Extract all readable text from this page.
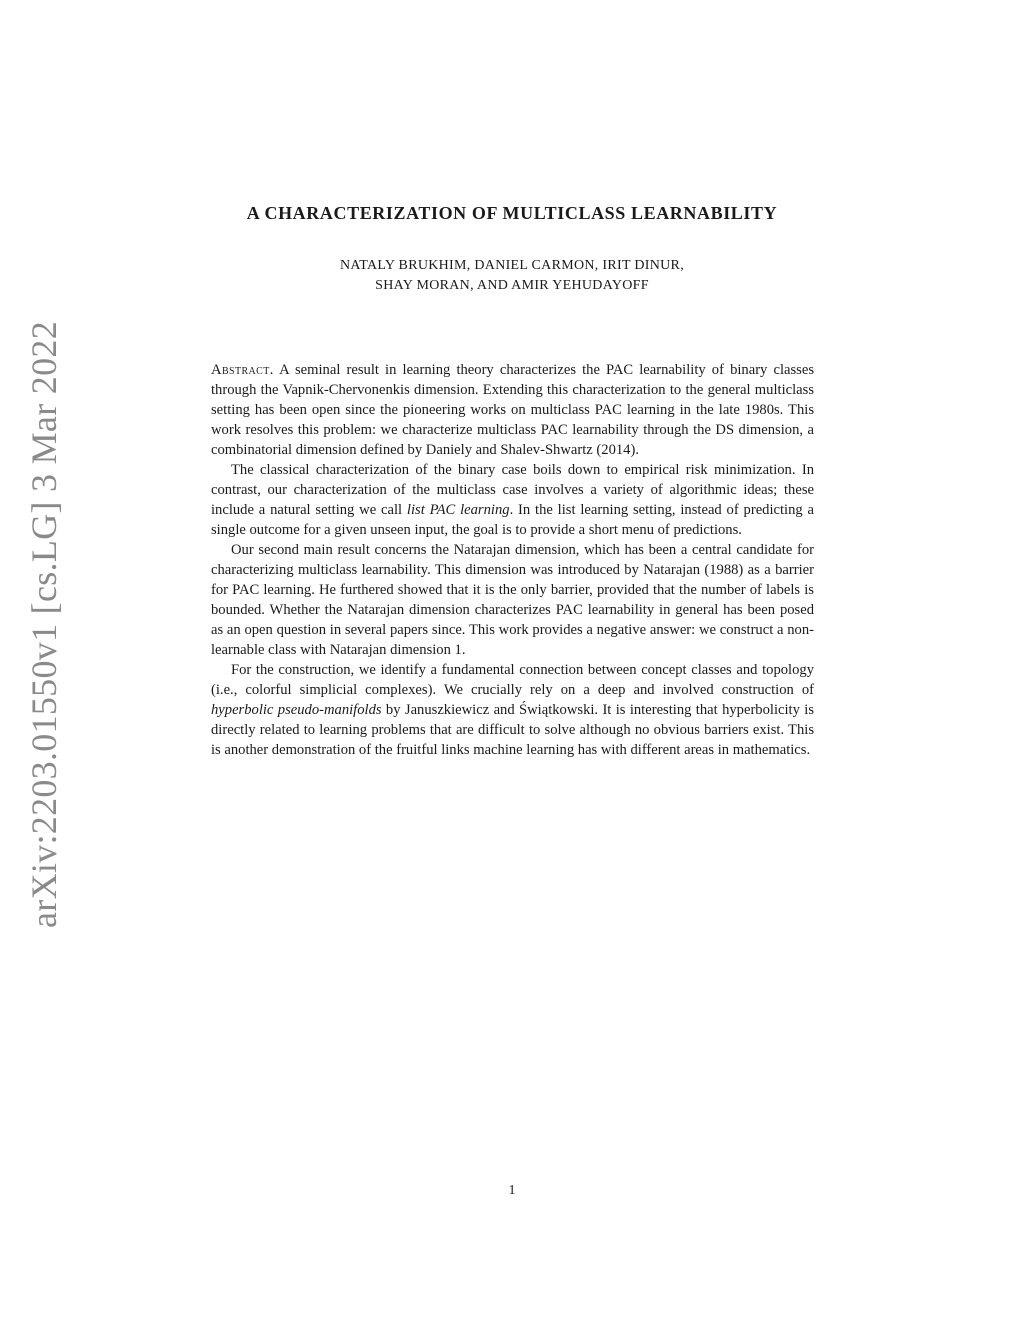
arXiv:2203.01550v1 [cs.LG] 3 Mar 2022
A CHARACTERIZATION OF MULTICLASS LEARNABILITY
NATALY BRUKHIM, DANIEL CARMON, IRIT DINUR,
SHAY MORAN, AND AMIR YEHUDAYOFF

Abstract. A seminal result in learning theory characterizes the PAC learnability of binary classes through the Vapnik-Chervonenkis dimension. Extending this characterization to the general multiclass setting has been open since the pioneering works on multiclass PAC learning in the late 1980s. This work resolves this problem: we characterize multiclass PAC learnability through the DS dimension, a combinatorial dimension defined by Daniely and Shalev-Shwartz (2014).

The classical characterization of the binary case boils down to empirical risk minimization. In contrast, our characterization of the multiclass case involves a variety of algorithmic ideas; these include a natural setting we call list PAC learning. In the list learning setting, instead of predicting a single outcome for a given unseen input, the goal is to provide a short menu of predictions.

Our second main result concerns the Natarajan dimension, which has been a central candidate for characterizing multiclass learnability. This dimension was introduced by Natarajan (1988) as a barrier for PAC learning. He furthered showed that it is the only barrier, provided that the number of labels is bounded. Whether the Natarajan dimension characterizes PAC learnability in general has been posed as an open question in several papers since. This work provides a negative answer: we construct a non-learnable class with Natarajan dimension 1.

For the construction, we identify a fundamental connection between concept classes and topology (i.e., colorful simplicial complexes). We crucially rely on a deep and involved construction of hyperbolic pseudo-manifolds by Januszkiewicz and Świątkowski. It is interesting that hyperbolicity is directly related to learning problems that are difficult to solve although no obvious barriers exist. This is another demonstration of the fruitful links machine learning has with different areas in mathematics.

1
